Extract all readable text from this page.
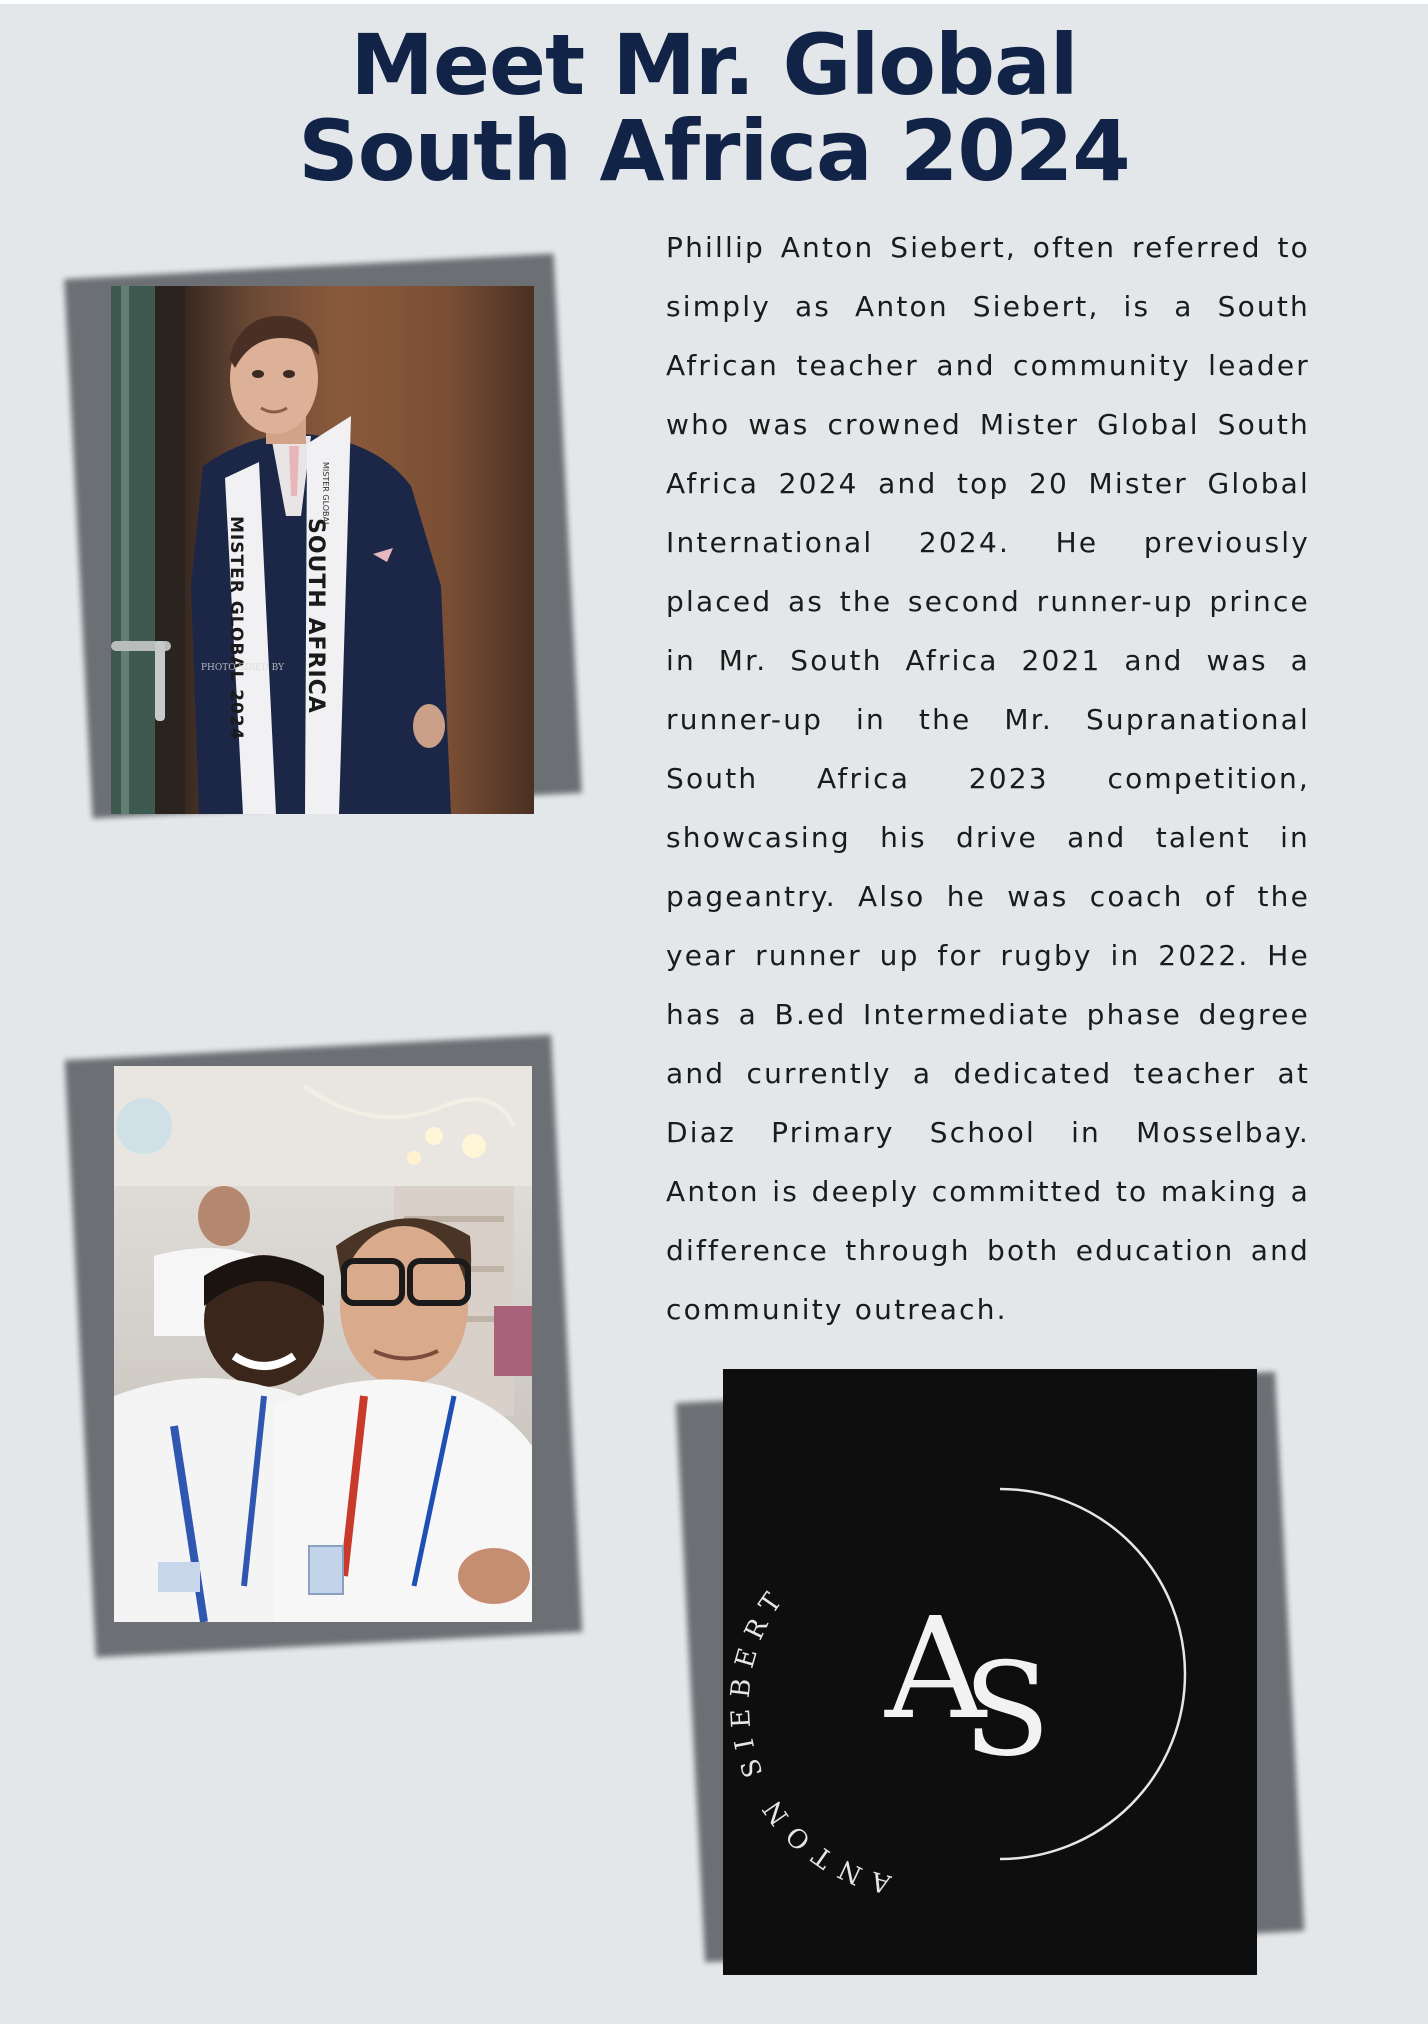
Meet Mr. Global
South Africa 2024

Phillip Anton Siebert, often referred to simply as Anton Siebert, is a South African teacher and community leader who was crowned Mister Global South Africa 2024 and top 20 Mister Global International 2024. He previously placed as the second runner-up prince in Mr. South Africa 2021 and was a runner-up in the Mr. Supranational South Africa 2023 competition, showcasing his drive and talent in pageantry. Also he was coach of the year runner up for rugby in 2022. He has a B.ed Intermediate phase degree and currently a dedicated teacher at Diaz Primary School in Mosselbay. Anton is deeply committed to making a difference through both education and community outreach.

MISTER GLOBAL 2024	SOUTH AFRICA
MISTER GLOBAL
PHOTO SIRED BY
ANTON SIEBERT A
S
